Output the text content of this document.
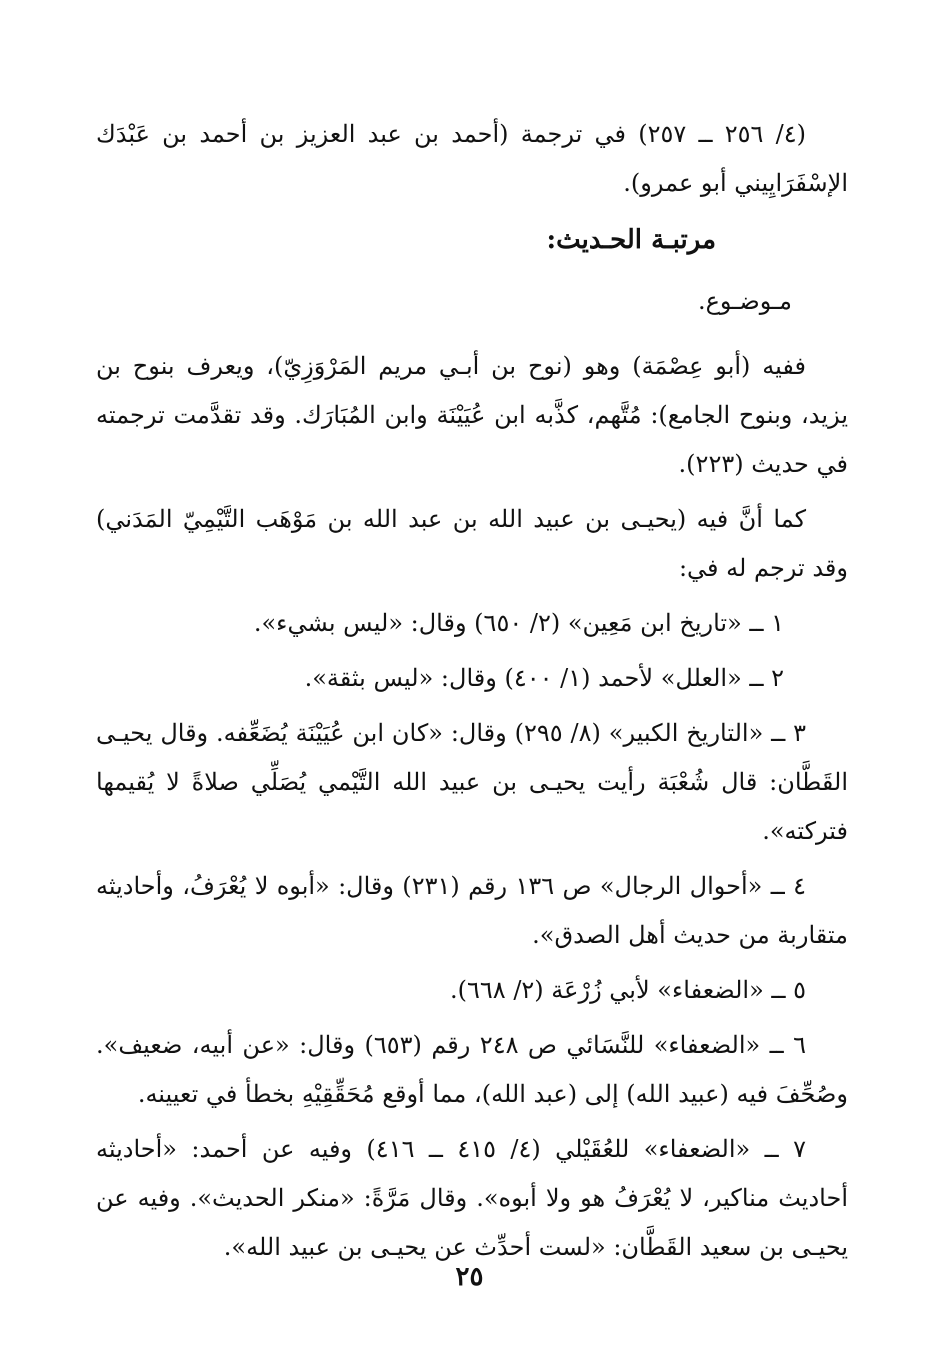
(٤/ ٢٥٦ ــ ٢٥٧) في ترجمة (أحمد بن عبد العزيز بن أحمد بن عَبْدَك الإسْفَرَايِيني أبو عمرو).

مرتبـة الحـديث:

مـوضـوع.

ففيه (أبو عِصْمَة) وهو (نوح بن أبـي مريم المَرْوَزِيّ)، ويعرف بنوح بن يزيد، وبنوح الجامع): مُتَّهم، كذَّبه ابن عُيَيْنَة وابن المُبَارَك. وقد تقدَّمت ترجمته في حديث (٢٢٣).

كما أنَّ فيه (يحيـى بن عبيد الله بن عبد الله بن مَوْهَب التَّيْمِيّ المَدَني) وقد ترجم له في:

١ ــ «تاريخ ابن مَعِين» (٢/ ٦٥٠) وقال: «ليس بشيء».

٢ ــ «العلل» لأحمد (١/ ٤٠٠) وقال: «ليس بثقة».

٣ ــ «التاريخ الكبير» (٨/ ٢٩٥) وقال: «كان ابن عُيَيْنَة يُضَعِّفه. وقال يحيـى القَطَّان: قال شُعْبَة رأيت يحيـى بن عبيد الله التَّيْمي يُصَلِّي صلاةً لا يُقيمها فتركته».

٤ ــ «أحوال الرجال» ص ١٣٦ رقم (٢٣١) وقال: «أبوه لا يُعْرَفُ، وأحاديثه متقاربة من حديث أهل الصدق».

٥ ــ «الضعفاء» لأبي زُرْعَة (٢/ ٦٦٨).

٦ ــ «الضعفاء» للنَّسَائي ص ٢٤٨ رقم (٦٥٣) وقال: «عن أبيه، ضعيف». وصُحِّفَ فيه (عبيد الله) إلى (عبد الله)، مما أوقع مُحَقِّقِيْهِ بخطأ في تعيينه.

٧ ــ «الضعفاء» للعُقَيْلي (٤/ ٤١٥ ــ ٤١٦) وفيه عن أحمد: «أحاديثه أحاديث مناكير، لا يُعْرَفُ هو ولا أبوه». وقال مَرَّةً: «منكر الحديث». وفيه عن يحيـى بن سعيد القَطَّان: «لست أحدِّث عن يحيـى بن عبيد الله».

٢٥
